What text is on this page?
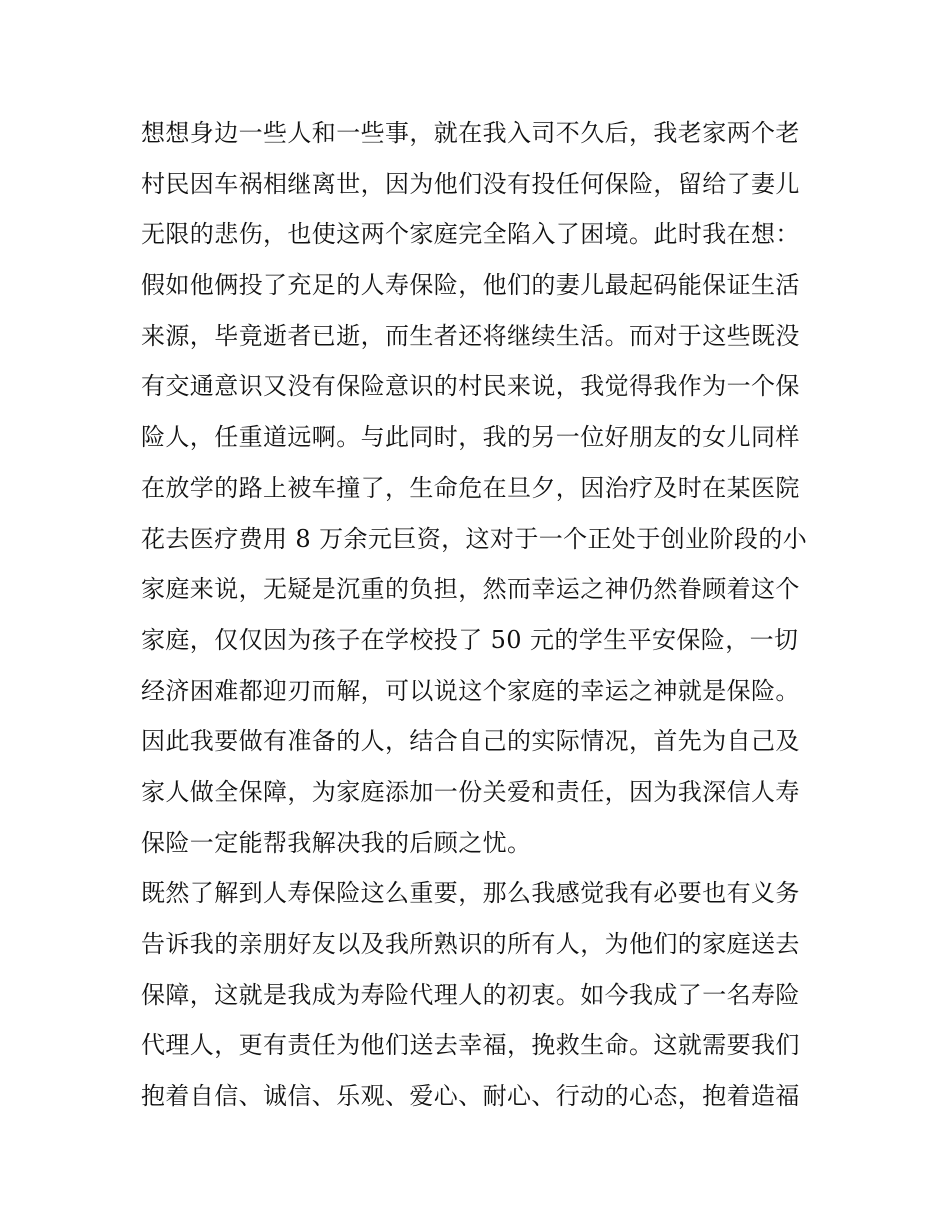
想想身边一些人和一些事，就在我入司不久后，我老家两个老
村民因车祸相继离世，因为他们没有投任何保险，留给了妻儿
无限的悲伤，也使这两个家庭完全陷入了困境。此时我在想：
假如他俩投了充足的人寿保险，他们的妻儿最起码能保证生活
来源，毕竟逝者已逝，而生者还将继续生活。而对于这些既没
有交通意识又没有保险意识的村民来说，我觉得我作为一个保
险人，任重道远啊。与此同时，我的另一位好朋友的女儿同样
在放学的路上被车撞了，生命危在旦夕，因治疗及时在某医院
花去医疗费用 8 万余元巨资，这对于一个正处于创业阶段的小
家庭来说，无疑是沉重的负担，然而幸运之神仍然眷顾着这个
家庭，仅仅因为孩子在学校投了 50 元的学生平安保险，一切
经济困难都迎刃而解，可以说这个家庭的幸运之神就是保险。
因此我要做有准备的人，结合自己的实际情况，首先为自己及
家人做全保障，为家庭添加一份关爱和责任，因为我深信人寿
保险一定能帮我解决我的后顾之忧。
既然了解到人寿保险这么重要，那么我感觉我有必要也有义务
告诉我的亲朋好友以及我所熟识的所有人，为他们的家庭送去
保障，这就是我成为寿险代理人的初衷。如今我成了一名寿险
代理人，更有责任为他们送去幸福，挽救生命。这就需要我们
抱着自信、诚信、乐观、爱心、耐心、行动的心态，抱着造福
